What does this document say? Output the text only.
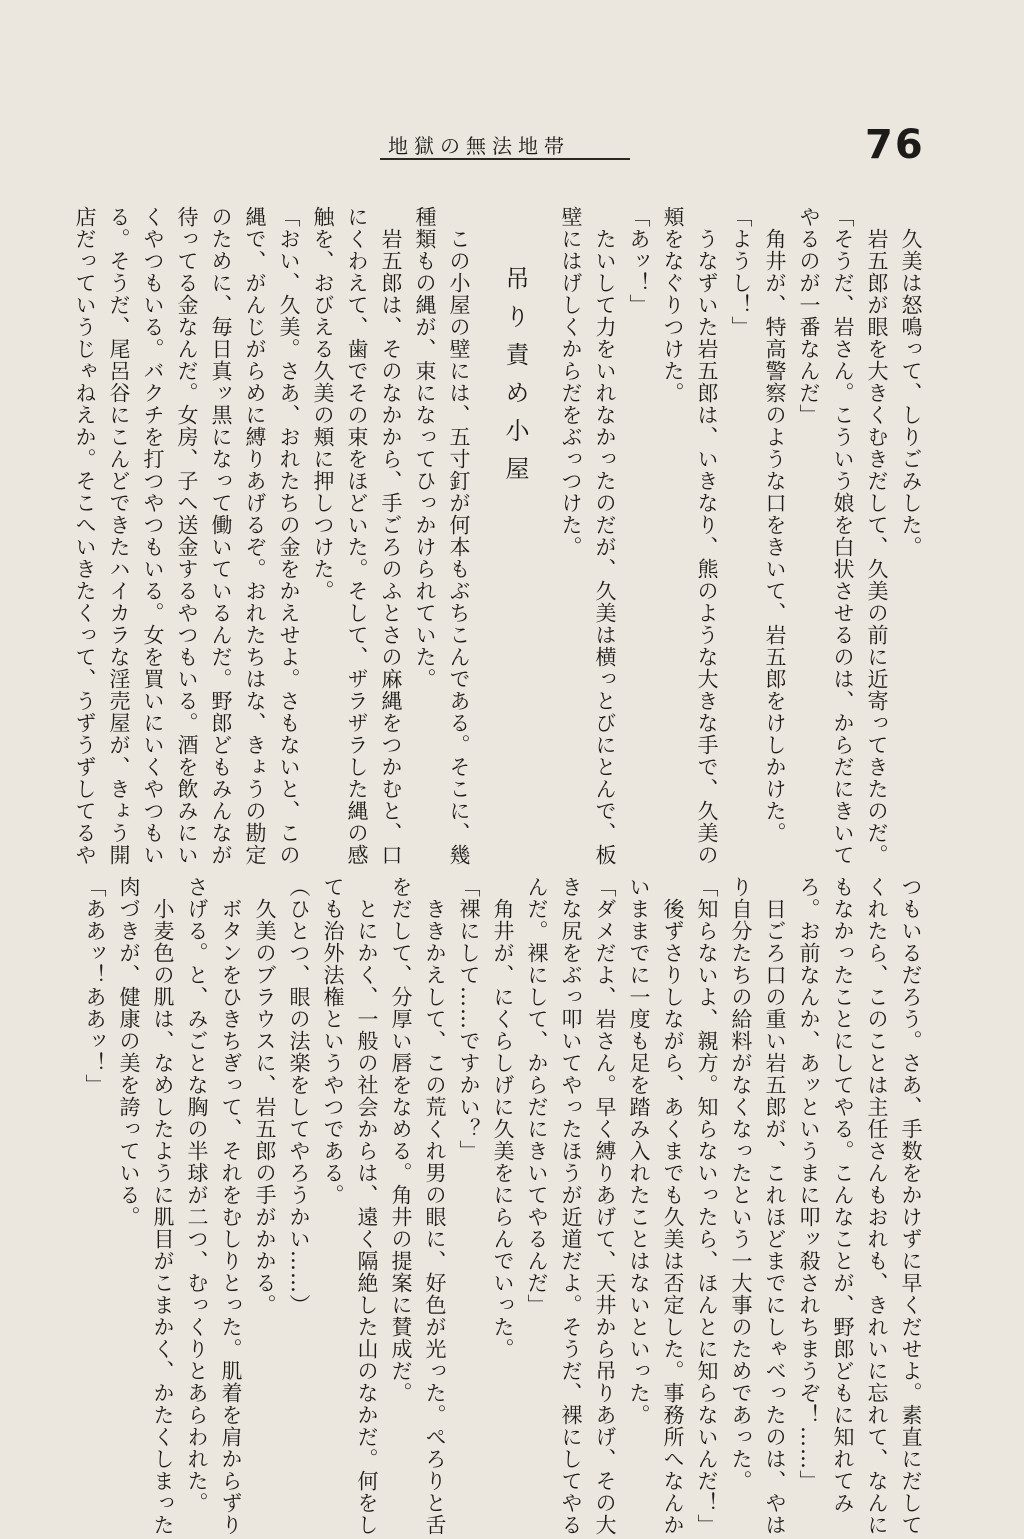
地獄の無法地帯	76
　久美は怒鳴って、しりごみした。
　岩五郎が眼を大きくむきだして、久美の前に近寄ってきたのだ。
「そうだ、岩さん。こういう娘を白状させるのは、からだにきいて
やるのが一番なんだ」
　角井が、特高警察のような口をきいて、岩五郎をけしかけた。
「ようし！」
　うなずいた岩五郎は、いきなり、熊のような大きな手で、久美の
頬をなぐりつけた。
「あッ！」
　たいして力をいれなかったのだが、久美は横っとびにとんで、板
壁にはげしくからだをぶっつけた。
吊り責め小屋
　この小屋の壁には、五寸釘が何本もぶちこんである。そこに、幾
種類もの縄が、束になってひっかけられていた。
　岩五郎は、そのなかから、手ごろのふとさの麻縄をつかむと、口
にくわえて、歯でその束をほどいた。そして、ザラザラした縄の感
触を、おびえる久美の頬に押しつけた。
「おい、久美。さあ、おれたちの金をかえせよ。さもないと、この
縄で、がんじがらめに縛りあげるぞ。おれたちはな、きょうの勘定
のために、毎日真ッ黒になって働いているんだ。野郎どもみんなが
待ってる金なんだ。女房、子へ送金するやつもいる。酒を飲みにい
くやつもいる。バクチを打つやつもいる。女を買いにいくやつもい
る。そうだ、尾呂谷にこんどできたハイカラな淫売屋が、きょう開
店だっていうじゃねえか。そこへいきたくって、うずうずしてるや
つもいるだろう。さあ、手数をかけずに早くだせよ。素直にだして
くれたら、このことは主任さんもおれも、きれいに忘れて、なんに
もなかったことにしてやる。こんなことが、野郎どもに知れてみ
ろ。お前なんか、あッというまに叩ッ殺されちまうぞ！……」
　日ごろ口の重い岩五郎が、これほどまでにしゃべったのは、やは
り自分たちの給料がなくなったという一大事のためであった。
「知らないよ、親方。知らないったら、ほんとに知らないんだ！」
　後ずさりしながら、あくまでも久美は否定した。事務所へなんか
いままでに一度も足を踏み入れたことはないといった。
「ダメだよ、岩さん。早く縛りあげて、天井から吊りあげ、その大
きな尻をぶっ叩いてやったほうが近道だよ。そうだ、裸にしてやる
んだ。裸にして、からだにきいてやるんだ」
　角井が、にくらしげに久美をにらんでいった。
「裸にして……ですかい？」
　ききかえして、この荒くれ男の眼に、好色が光った。ぺろりと舌
をだして、分厚い唇をなめる。角井の提案に賛成だ。
　とにかく、一般の社会からは、遠く隔絶した山のなかだ。何をし
ても治外法権というやつである。
（ひとつ、眼の法楽をしてやろうかい……）
　久美のブラウスに、岩五郎の手がかかる。
　ボタンをひきちぎって、それをむしりとった。肌着を肩からずり
さげる。と、みごとな胸の半球が二つ、むっくりとあらわれた。
　小麦色の肌は、なめしたように肌目がこまかく、かたくしまった
肉づきが、健康の美を誇っている。
「ああッ！ああッ！」
